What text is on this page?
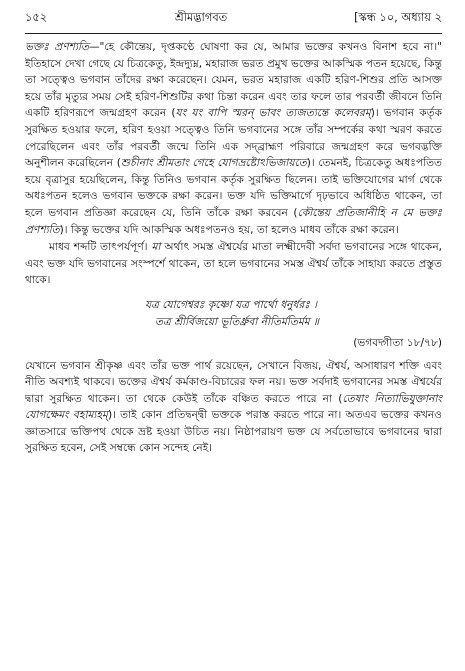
১৫২	শ্রীমদ্ভাগবত	[স্কন্ধ ১০, অধ্যায় ২

ভক্তঃ প্রণশ্যতি—"হে কৌন্তেয়, দৃপ্তকণ্ঠে ঘোষণা কর যে, আমার ভক্তের কখনও বিনাশ হবে না।" ইতিহাসে দেখা গেছে যে চিত্রকেতু, ইন্দ্রদ্যুম্ন, মহারাজ ভরত প্রমুখ ভক্তের আকস্মিক পতন হয়েছে, কিন্তু তা সত্ত্বেও ভগবান তাঁদের রক্ষা করেছেন। যেমন, ভরত মহারাজ একটি হরিণ-শিশুর প্রতি আসক্ত হয়ে তাঁর মৃত্যুর সময় সেই হরিণ-শিশুটির কথা চিন্তা করেন এবং তার ফলে তার পরবর্তী জীবনে তিনি একটি হরিণরূপে জন্মগ্রহণ করেন (যং যং বাপি স্মরন্‌ ভাবং ত্যজত্যন্তে কলেবরম্‌)। ভগবান কর্তৃক সুরক্ষিত হওয়ার ফলে, হরিণ হওয়া সত্ত্বেও তিনি ভগবানের সঙ্গে তাঁর সম্পর্কের কথা স্মরণ করতে পেরেছিলেন এবং তাঁর পরবর্তী জন্মে তিনি এক সদ্‌ব্রাহ্মণ পরিবারে জন্মগ্রহণ করে ভগবদ্ভক্তি অনুশীলন করেছিলেন (শুচীনাং শ্রীমতাং গেহে যোগভ্রষ্টোঽভিজায়তে)। তেমনই, চিত্রকেতু অধঃপতিত হয়ে বৃত্রাসুর হয়েছিলেন, কিন্তু তিনিও ভগবান কর্তৃক সুরক্ষিত ছিলেন। তাই ভক্তিযোগের মার্গ থেকে অধঃপতন হলেও ভগবান ভক্তকে রক্ষা করেন। ভক্ত যদি ভক্তিমার্গে দৃঢ়ভাবে অধিষ্ঠিত থাকেন, তা হলে ভগবান প্রতিজ্ঞা করেছেন যে, তিনি তাঁকে রক্ষা করবেন (কৌন্তেয় প্রতিজানীহি ন মে ভক্তঃ প্রণশ্যতি)। কিন্তু ভক্তের যদি আকস্মিক অধঃপতনও হয়, তা হলেও মাধব তাঁকে রক্ষা করেন।

মাধব শব্দটি তাৎপর্যপূর্ণ। মা অর্থাৎ সমস্ত ঐশ্বর্যের মাতা লক্ষ্মীদেবী সর্বদা ভগবানের সঙ্গে থাকেন, এবং ভক্ত যদি ভগবানের সংস্পর্শে থাকেন, তা হলে ভগবানের সমস্ত ঐশ্বর্য তাঁকে সাহায্য করতে প্রস্তুত থাকে।

যত্র যোগেশ্বরঃ কৃষ্ণো যত্র পার্থো ধনুর্ধরঃ ।
তত্র শ্রীর্বিজয়ো ভূতির্ধ্রুবা নীতির্মতির্মম ॥
(ভগবদ্গীতা ১৮/৭৮)

যেখানে ভগবান শ্রীকৃষ্ণ এবং তাঁর ভক্ত পার্থ রয়েছেন, সেখানে বিজয়, ঐশ্বর্য, অসাধারণ শক্তি এবং নীতি অবশ্যই থাকবে। ভক্তের ঐশ্বর্য কর্মকাণ্ড-বিচারের ফল নয়। ভক্ত সর্বদাই ভগবানের সমস্ত ঐশ্বর্যের দ্বারা সুরক্ষিত থাকেন। তা থেকে কেউই তাঁকে বঞ্চিত করতে পারে না (তেষাং নিত্যাভিযুক্তানাং যোগক্ষেমং বহাম্যহম্‌)। তাই কোন প্রতিদ্বন্দ্বী ভক্তকে পরাস্ত করতে পারে না। অতএব ভক্তের কখনও জ্ঞাতসারে ভক্তিপথ থেকে ভ্রষ্ট হওয়া উচিত নয়। নিষ্ঠাপরায়ণ ভক্ত যে সর্বতোভাবে ভগবানের দ্বারা সুরক্ষিত হবেন, সেই সম্বন্ধে কোন সন্দেহ নেই।
